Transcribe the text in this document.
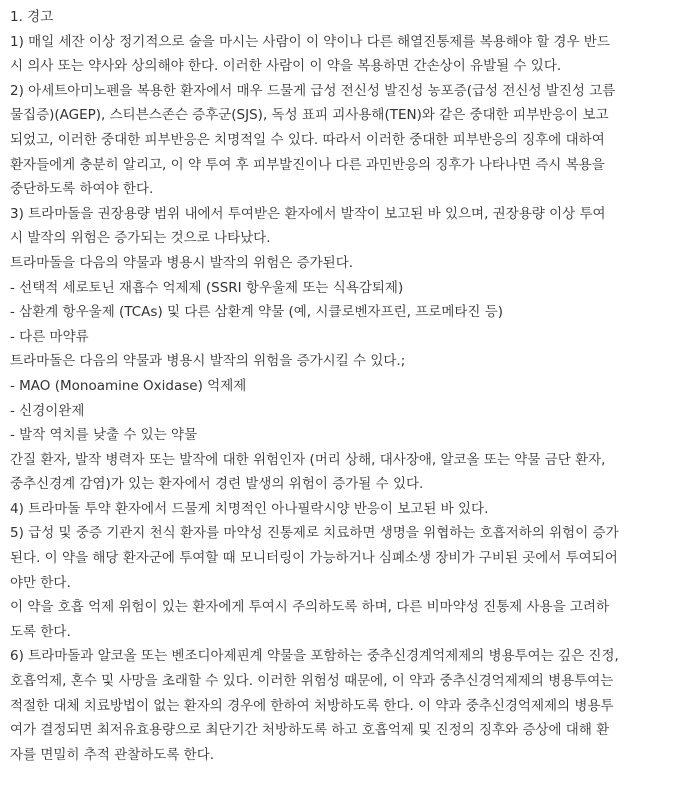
1. 경고
1) 매일 세잔 이상 정기적으로 술을 마시는 사람이 이 약이나 다른 해열진통제를 복용해야 할 경우 반드
시 의사 또는 약사와 상의해야 한다. 이러한 사람이 이 약을 복용하면 간손상이 유발될 수 있다.
2) 아세트아미노펜을 복용한 환자에서 매우 드물게 급성 전신성 발진성 농포증(급성 전신성 발진성 고름
물집증)(AGEP), 스티븐스존슨 증후군(SJS), 독성 표피 괴사용해(TEN)와 같은 중대한 피부반응이 보고
되었고, 이러한 중대한 피부반응은 치명적일 수 있다. 따라서 이러한 중대한 피부반응의 징후에 대하여
환자들에게 충분히 알리고, 이 약 투여 후 피부발진이나 다른 과민반응의 징후가 나타나면 즉시 복용을
중단하도록 하여야 한다.
3) 트라마돌을 권장용량 범위 내에서 투여받은 환자에서 발작이 보고된 바 있으며, 권장용량 이상 투여
시 발작의 위험은 증가되는 것으로 나타났다.
트라마돌을 다음의 약물과 병용시 발작의 위험은 증가된다.
- 선택적 세로토닌 재흡수 억제제 (SSRI 항우울제 또는 식욕감퇴제)
- 삼환계 항우울제 (TCAs) 및 다른 삼환계 약물 (예, 시클로벤자프린, 프로메타진 등)
- 다른 마약류
트라마돌은 다음의 약물과 병용시 발작의 위험을 증가시킬 수 있다.;
- MAO (Monoamine Oxidase) 억제제
- 신경이완제
- 발작 역치를 낮출 수 있는 약물
간질 환자, 발작 병력자 또는 발작에 대한 위험인자 (머리 상해, 대사장애, 알코올 또는 약물 금단 환자,
중추신경계 감염)가 있는 환자에서 경련 발생의 위험이 증가될 수 있다.
4) 트라마돌 투약 환자에서 드물게 치명적인 아나필락시양 반응이 보고된 바 있다.
5) 급성 및 중증 기관지 천식 환자를 마약성 진통제로 치료하면 생명을 위협하는 호흡저하의 위험이 증가
된다. 이 약을 해당 환자군에 투여할 때 모니터링이 가능하거나 심폐소생 장비가 구비된 곳에서 투여되어
야만 한다.
이 약을 호흡 억제 위험이 있는 환자에게 투여시 주의하도록 하며, 다른 비마약성 진통제 사용을 고려하
도록 한다.
6) 트라마돌과 알코올 또는 벤조디아제핀계 약물을 포함하는 중추신경계억제제의 병용투여는 깊은 진정,
호흡억제, 혼수 및 사망을 초래할 수 있다. 이러한 위험성 때문에, 이 약과 중추신경억제제의 병용투여는
적절한 대체 치료방법이 없는 환자의 경우에 한하여 처방하도록 한다. 이 약과 중추신경억제제의 병용투
여가 결정되면 최저유효용량으로 최단기간 처방하도록 하고 호흡억제 및 진정의 징후와 증상에 대해 환
자를 면밀히 추적 관찰하도록 한다.
